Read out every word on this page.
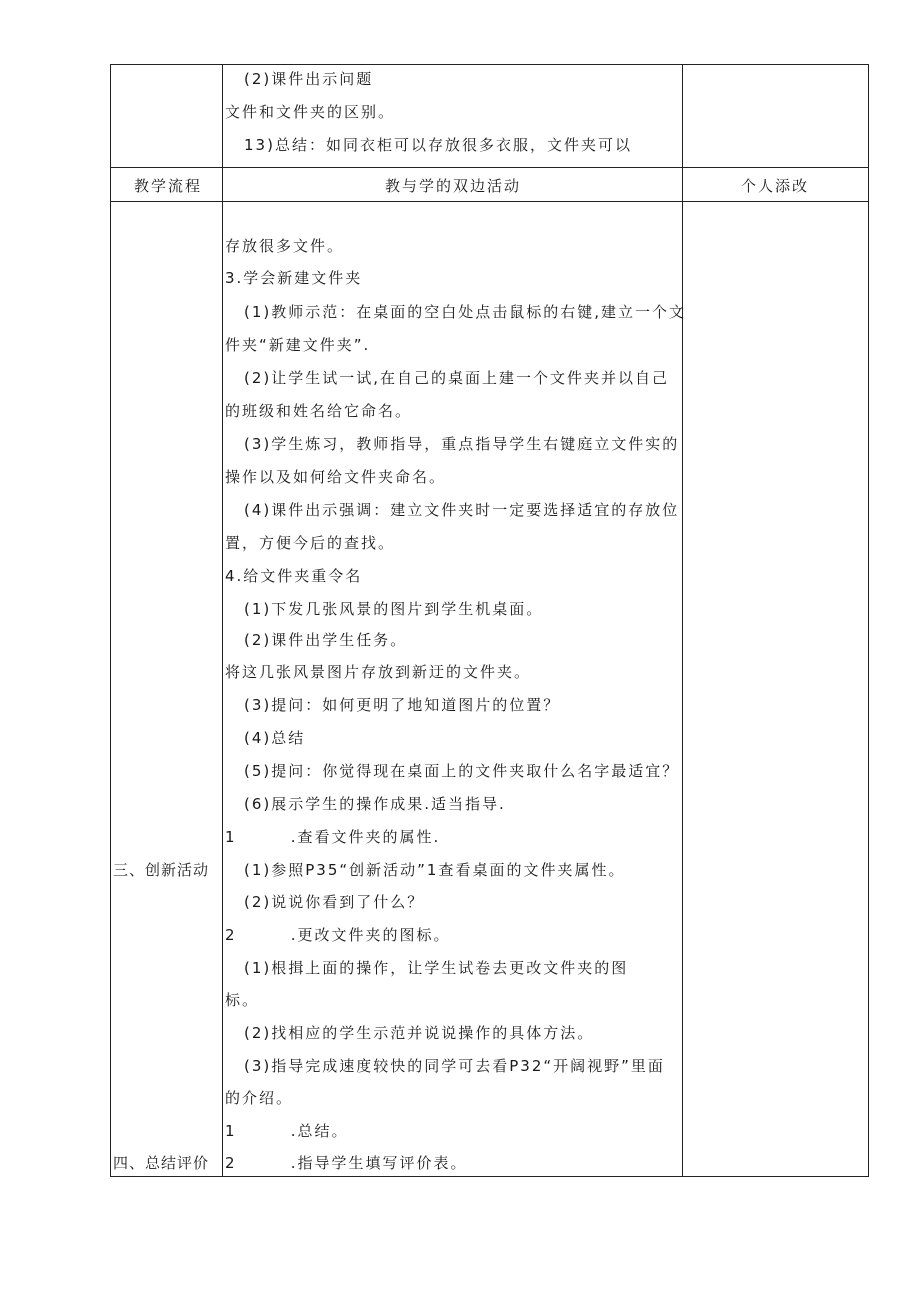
教学流程	教与学的双边活动	个人添改
(2)课件出示问题
文件和文件夹的区别。
13)总结：如同衣柜可以存放很多衣服，文件夹可以
三、创新活动
四、总结评价
存放很多文件。
3.学会新建文件夹
(1)教师示范：在桌面的空白处点击鼠标的右键,建立一个文
件夹“新建文件夹”.
(2)让学生试一试,在自己的桌面上建一个文件夹并以自己
的班级和姓名给它命名。
(3)学生炼习，教师指导，重点指导学生右键庭立文件实的
操作以及如何给文件夹命名。
(4)课件出示强调：建立文件夹时一定要选择适宜的存放位
置，方便今后的查找。
4.给文件夹重令名
(1)下发几张风景的图片到学生机桌面。
(2)课件出学生任务。
将这几张风景图片存放到新迂的文件夹。
(3)提问：如何更明了地知道图片的位置？
(4)总结
(5)提问：你觉得现在桌面上的文件夹取什么名字最适宜？
(6)展示学生的操作成果.适当指导.
1        .查看文件夹的属性.
(1)参照P35“创新活动”1查看桌面的文件夹属性。
(2)说说你看到了什么？
2        .更改文件夹的图标。
(1)根揖上面的操作，让学生试卷去更改文件夹的图
标。
(2)找相应的学生示范并说说操作的具体方法。
(3)指导完成速度较快的同学可去看P32“开阔视野”里面
的介绍。
1        .总结。
2        .指导学生填写评价表。
